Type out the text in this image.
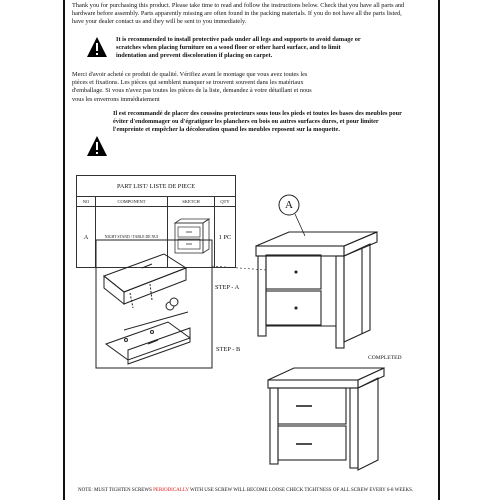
Thank you for purchasing this product. Please take time to read and follow the instructions below. Check that you have all parts and
hardware before assembly. Parts apparently missing are often found in the packing materials. If you do not have all the parts listed,
have your dealer contact us and they will be sent to you immediately.
It is recommended to install protective pads under all legs and supports to avoid damage or
scratches when placing furniture on a wood floor or other hard surface, and to limit
indentation and prevent discoloration if placing on carpet.
Merci d'avoir acheté ce produit de qualité. Vérifiez avant le montage que vous avez toutes les
pièces et fixations. Les pièces qui semblent manquer se trouvent souvent dans les matériaux
d'emballage. Si vous n'avez pas toutes les pièces de la liste, demandez à votre détaillant et nous
vous les enverrons immédiatement
Il est recommandé de placer des coussins protecteurs sous tous les pieds et toutes les bases des meubles pour
éviter d'endommager ou d'égratigner les planchers en bois ou autres surfaces dures, et pour limiter
l'empreinte et empêcher la décoloration quand les meubles reposent sur la moquette.
PART LIST/ LISTE DE PIECE			
NO	COMPONENT	SKETCH	QTY
A	NIGHT STAND / TABLE DE NUI		1 PC
A
STEP - A
STEP - B
COMPLETED
NOTE: MUST TIGHTEN SCREWS PERIODICALLY WITH USE SCREW WILL BECOME LOOSE CHECK TIGHTNESS OF ALL SCREW EVERY 6-8 WEEKS.
